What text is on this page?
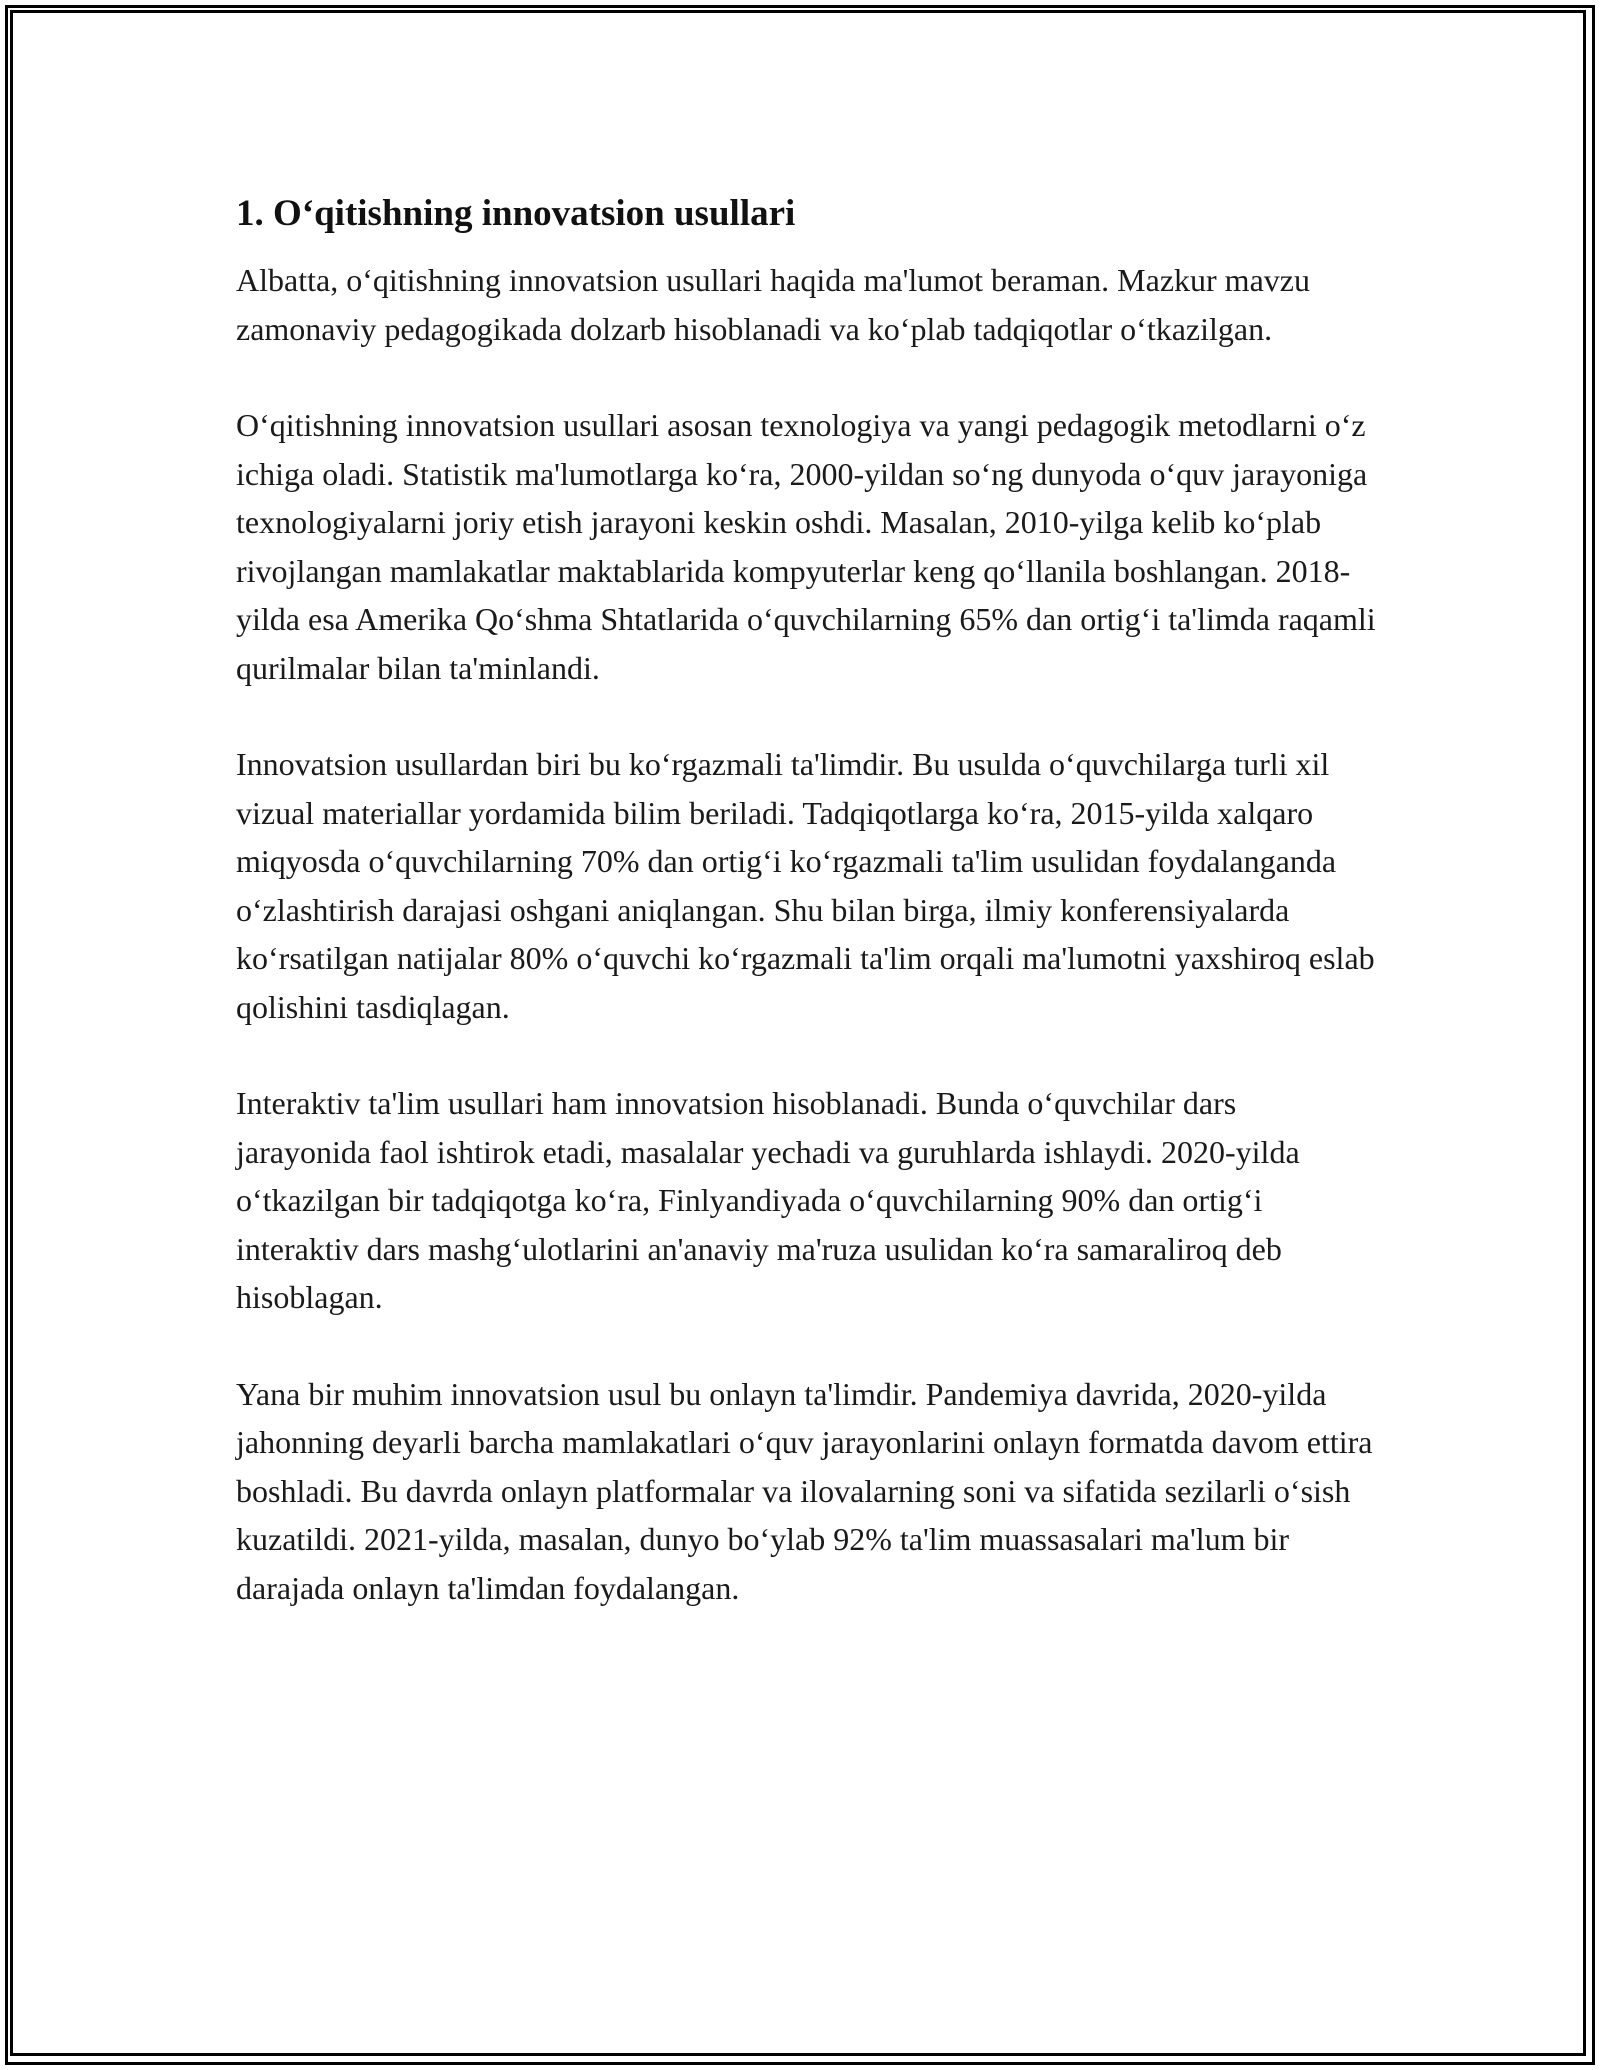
1. O‘qitishning innovatsion usullari

Albatta, o‘qitishning innovatsion usullari haqida ma'lumot beraman. Mazkur mavzu zamonaviy pedagogikada dolzarb hisoblanadi va ko‘plab tadqiqotlar o‘tkazilgan.

O‘qitishning innovatsion usullari asosan texnologiya va yangi pedagogik metodlarni o‘z ichiga oladi. Statistik ma'lumotlarga ko‘ra, 2000-yildan so‘ng dunyoda o‘quv jarayoniga texnologiyalarni joriy etish jarayoni keskin oshdi. Masalan, 2010-yilga kelib ko‘plab rivojlangan mamlakatlar maktablarida kompyuterlar keng qo‘llanila boshlangan. 2018-yilda esa Amerika Qo‘shma Shtatlarida o‘quvchilarning 65% dan ortig‘i ta'limda raqamli qurilmalar bilan ta'minlandi.

Innovatsion usullardan biri bu ko‘rgazmali ta'limdir. Bu usulda o‘quvchilarga turli xil vizual materiallar yordamida bilim beriladi. Tadqiqotlarga ko‘ra, 2015-yilda xalqaro miqyosda o‘quvchilarning 70% dan ortig‘i ko‘rgazmali ta'lim usulidan foydalanganda o‘zlashtirish darajasi oshgani aniqlangan. Shu bilan birga, ilmiy konferensiyalarda ko‘rsatilgan natijalar 80% o‘quvchi ko‘rgazmali ta'lim orqali ma'lumotni yaxshiroq eslab qolishini tasdiqlagan.

Interaktiv ta'lim usullari ham innovatsion hisoblanadi. Bunda o‘quvchilar dars jarayonida faol ishtirok etadi, masalalar yechadi va guruhlarda ishlaydi. 2020-yilda o‘tkazilgan bir tadqiqotga ko‘ra, Finlyandiyada o‘quvchilarning 90% dan ortig‘i interaktiv dars mashg‘ulotlarini an'anaviy ma'ruza usulidan ko‘ra samaraliroq deb hisoblagan.

Yana bir muhim innovatsion usul bu onlayn ta'limdir. Pandemiya davrida, 2020-yilda jahonning deyarli barcha mamlakatlari o‘quv jarayonlarini onlayn formatda davom ettira boshladi. Bu davrda onlayn platformalar va ilovalarning soni va sifatida sezilarli o‘sish kuzatildi. 2021-yilda, masalan, dunyo bo‘ylab 92% ta'lim muassasalari ma'lum bir darajada onlayn ta'limdan foydalangan.
